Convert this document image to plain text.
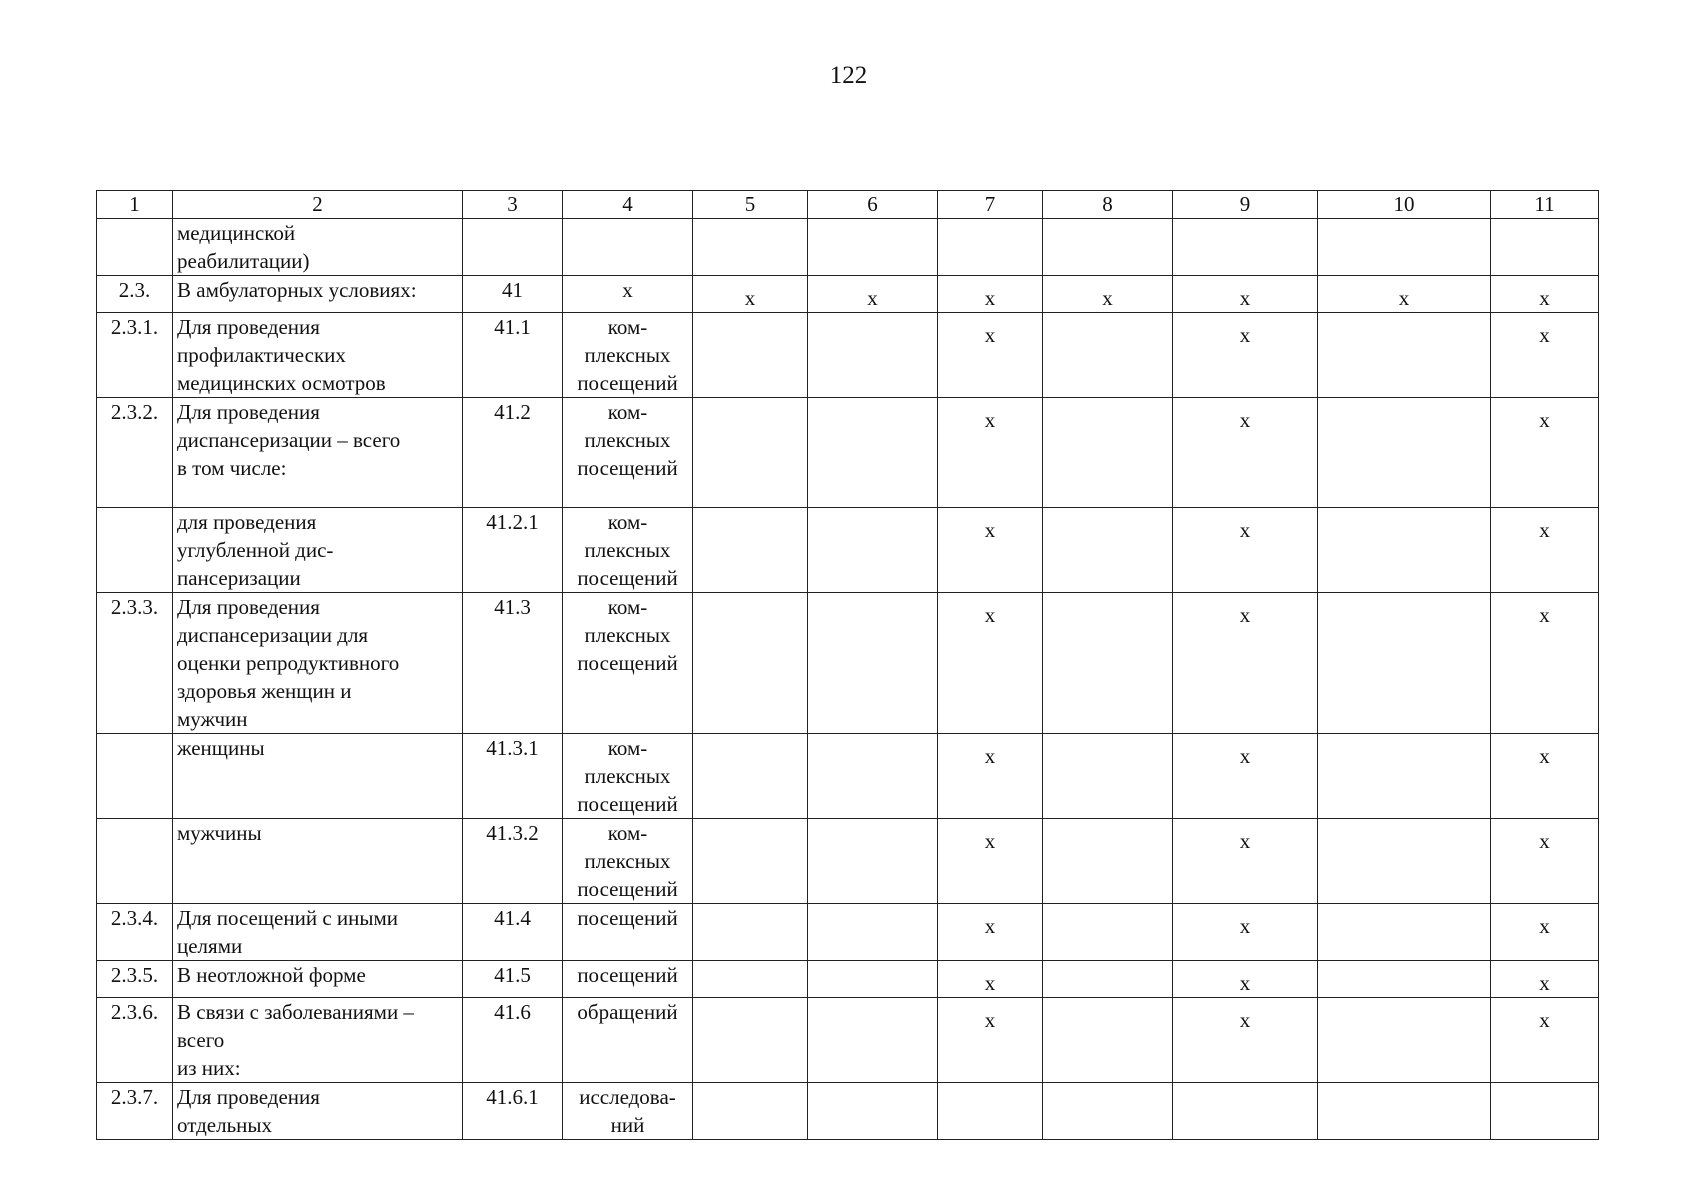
122
1	2	3	4	5	6	7	8	9	10	11

	медицинской
реабилитации)									

2.3.	В амбулаторных условиях:	41	х	х	х	х	х	х	х	х

2.3.1.	Для проведения
профилактических
медицинских осмотров	41.1	ком-
плексных
посещений			х		х		х

2.3.2.	Для проведения
диспансеризации – всего
в том числе:	41.2	ком-
плексных
посещений			х		х		х

	для проведения
углубленной дис-
пансеризации	41.2.1	ком-
плексных
посещений			х		х		х

2.3.3.	Для проведения
диспансеризации для
оценки репродуктивного
здоровья женщин и
мужчин	41.3	ком-
плексных
посещений			х		х		х

	женщины	41.3.1	ком-
плексных
посещений			х		х		х

	мужчины	41.3.2	ком-
плексных
посещений			х		х		х

2.3.4.	Для посещений с иными
целями	41.4	посещений			х		х		х

2.3.5.	В неотложной форме	41.5	посещений			х		х		х

2.3.6.	В связи с заболеваниями –
всего
из них:	41.6	обращений			х		х		х

2.3.7.	Для проведения
отдельных	41.6.1	исследова-
ний							
